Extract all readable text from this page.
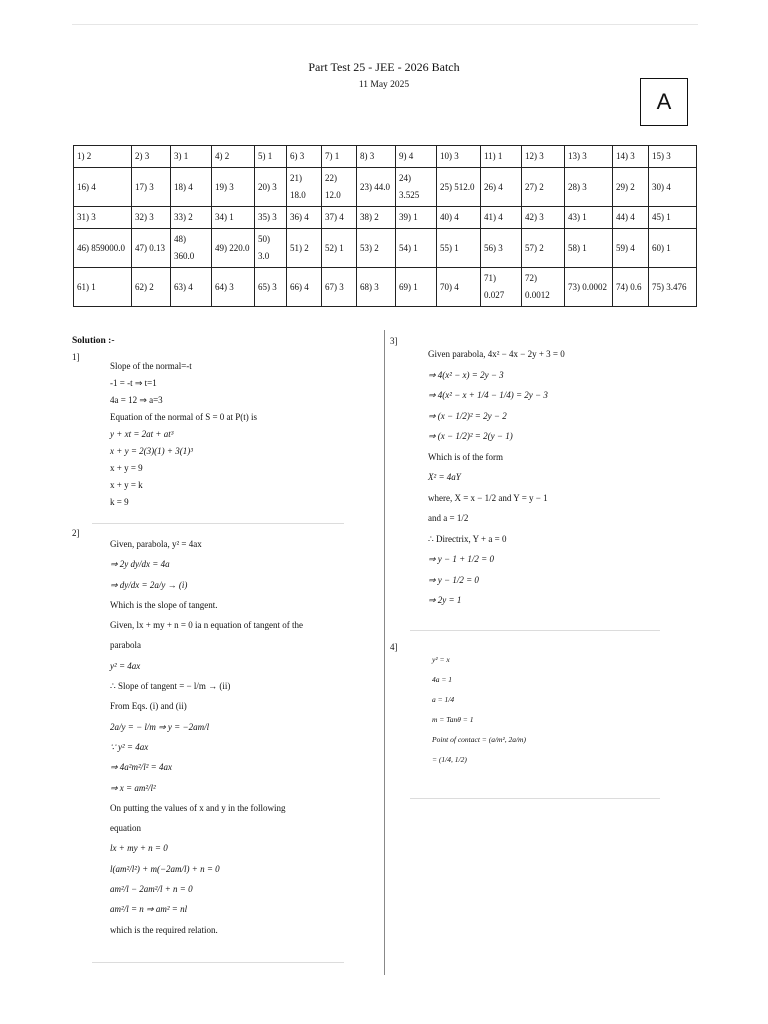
Part Test 25 - JEE - 2026 Batch
11 May 2025
A
1) 2	2) 3	3) 1	4) 2	5) 1	6) 3	7) 1	8) 3	9) 4	10) 3	11) 1	12) 3	13) 3	14) 3	15) 3
16) 4	17) 3	18) 4	19) 3	20) 3	21) 18.0	22) 12.0	23) 44.0	24) 3.525	25) 512.0	26) 4	27) 2	28) 3	29) 2	30) 4
31) 3	32) 3	33) 2	34) 1	35) 3	36) 4	37) 4	38) 2	39) 1	40) 4	41) 4	42) 3	43) 1	44) 4	45) 1
46) 859000.0	47) 0.13	48) 360.0	49) 220.0	50) 3.0	51) 2	52) 1	53) 2	54) 1	55) 1	56) 3	57) 2	58) 1	59) 4	60) 1
61) 1	62) 2	63) 4	64) 3	65) 3	66) 4	67) 3	68) 3	69) 1	70) 4	71) 0.027	72) 0.0012	73) 0.0002	74) 0.6	75) 3.476
Solution :-
1]
Slope of the normal=-t
-1 = -t ⇒ t=1
4a = 12 ⇒ a=3
Equation of the normal of S = 0 at P(t) is
y + xt = 2at + at³
x + y = 2(3)(1) + 3(1)³
x + y = 9
x + y = k
k = 9
2]
Given, parabola, y² = 4ax
⇒ 2y dy/dx = 4a
⇒ dy/dx = 2a/y → (i)
Which is the slope of tangent.
Given, lx + my + n = 0 ia n equation of tangent of the
parabola
y² = 4ax
∴ Slope of tangent = − l/m → (ii)
From Eqs. (i) and (ii)
2a/y = − l/m ⇒ y = −2am/l
∵ y² = 4ax
⇒ 4a²m²/l² = 4ax
⇒ x = am²/l²
On putting the values of x and y in the following
equation
lx + my + n = 0
l(am²/l²) + m(−2am/l) + n = 0
am²/l − 2am²/l + n = 0
am²/l = n ⇒ am² = nl
which is the required relation.
3]
Given parabola, 4x² − 4x − 2y + 3 = 0
⇒ 4(x² − x) = 2y − 3
⇒ 4(x² − x + 1/4 − 1/4) = 2y − 3
⇒ (x − 1/2)² = 2y − 2
⇒ (x − 1/2)² = 2(y − 1)
Which is of the form
X² = 4aY
where, X = x − 1/2 and Y = y − 1
and a = 1/2
∴ Directrix, Y + a = 0
⇒ y − 1 + 1/2 = 0
⇒ y − 1/2 = 0
⇒ 2y = 1
4]
y² = x
4a = 1
a = 1/4
m = Tanθ = 1
Point of contact = (a/m², 2a/m)
= (1/4, 1/2)
